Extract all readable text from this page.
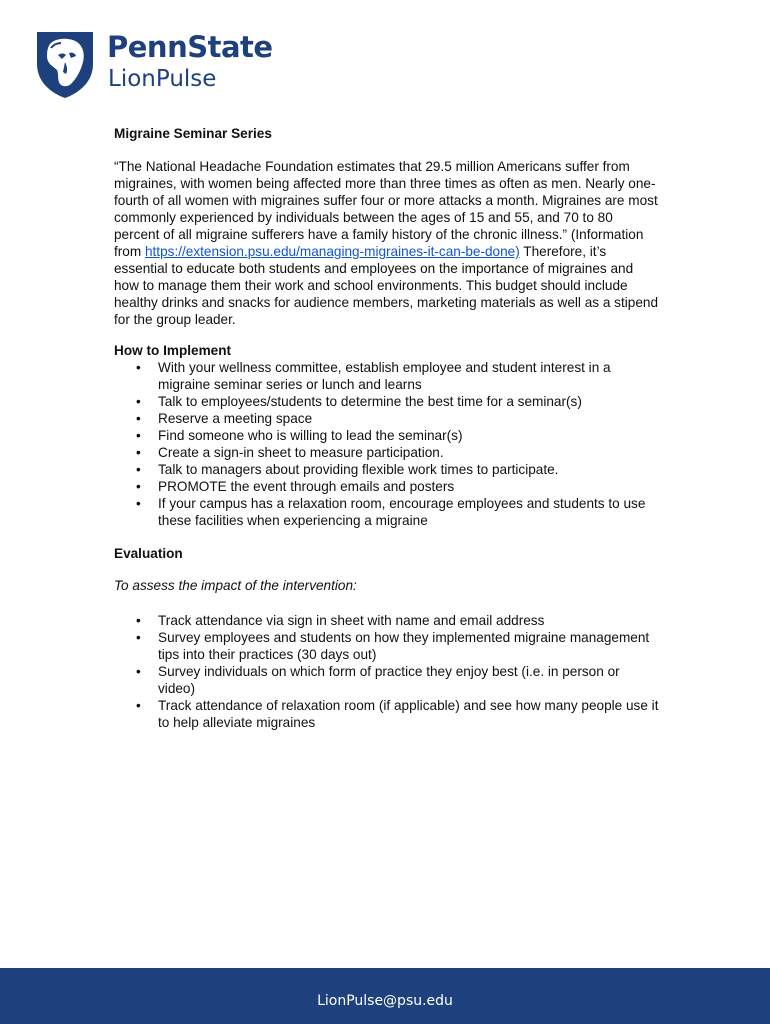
PennState
LionPulse

Migraine Seminar Series

“The National Headache Foundation estimates that 29.5 million Americans suffer from migraines, with women being affected more than three times as often as men. Nearly one-fourth of all women with migraines suffer four or more attacks a month. Migraines are most commonly experienced by individuals between the ages of 15 and 55, and 70 to 80 percent of all migraine sufferers have a family history of the chronic illness.” (Information from https://extension.psu.edu/managing-migraines-it-can-be-done) Therefore, it’s essential to educate both students and employees on the importance of migraines and how to manage them their work and school environments. This budget should include healthy drinks and snacks for audience members, marketing materials as well as a stipend for the group leader.

How to Implement

• With your wellness committee, establish employee and student interest in a migraine seminar series or lunch and learns
• Talk to employees/students to determine the best time for a seminar(s)
• Reserve a meeting space
• Find someone who is willing to lead the seminar(s)
• Create a sign-in sheet to measure participation.
• Talk to managers about providing flexible work times to participate.
• PROMOTE the event through emails and posters
• If your campus has a relaxation room, encourage employees and students to use these facilities when experiencing a migraine

Evaluation

To assess the impact of the intervention:

• Track attendance via sign in sheet with name and email address
• Survey employees and students on how they implemented migraine management tips into their practices (30 days out)
• Survey individuals on which form of practice they enjoy best (i.e. in person or video)
• Track attendance of relaxation room (if applicable) and see how many people use it to help alleviate migraines
LionPulse@psu.edu
